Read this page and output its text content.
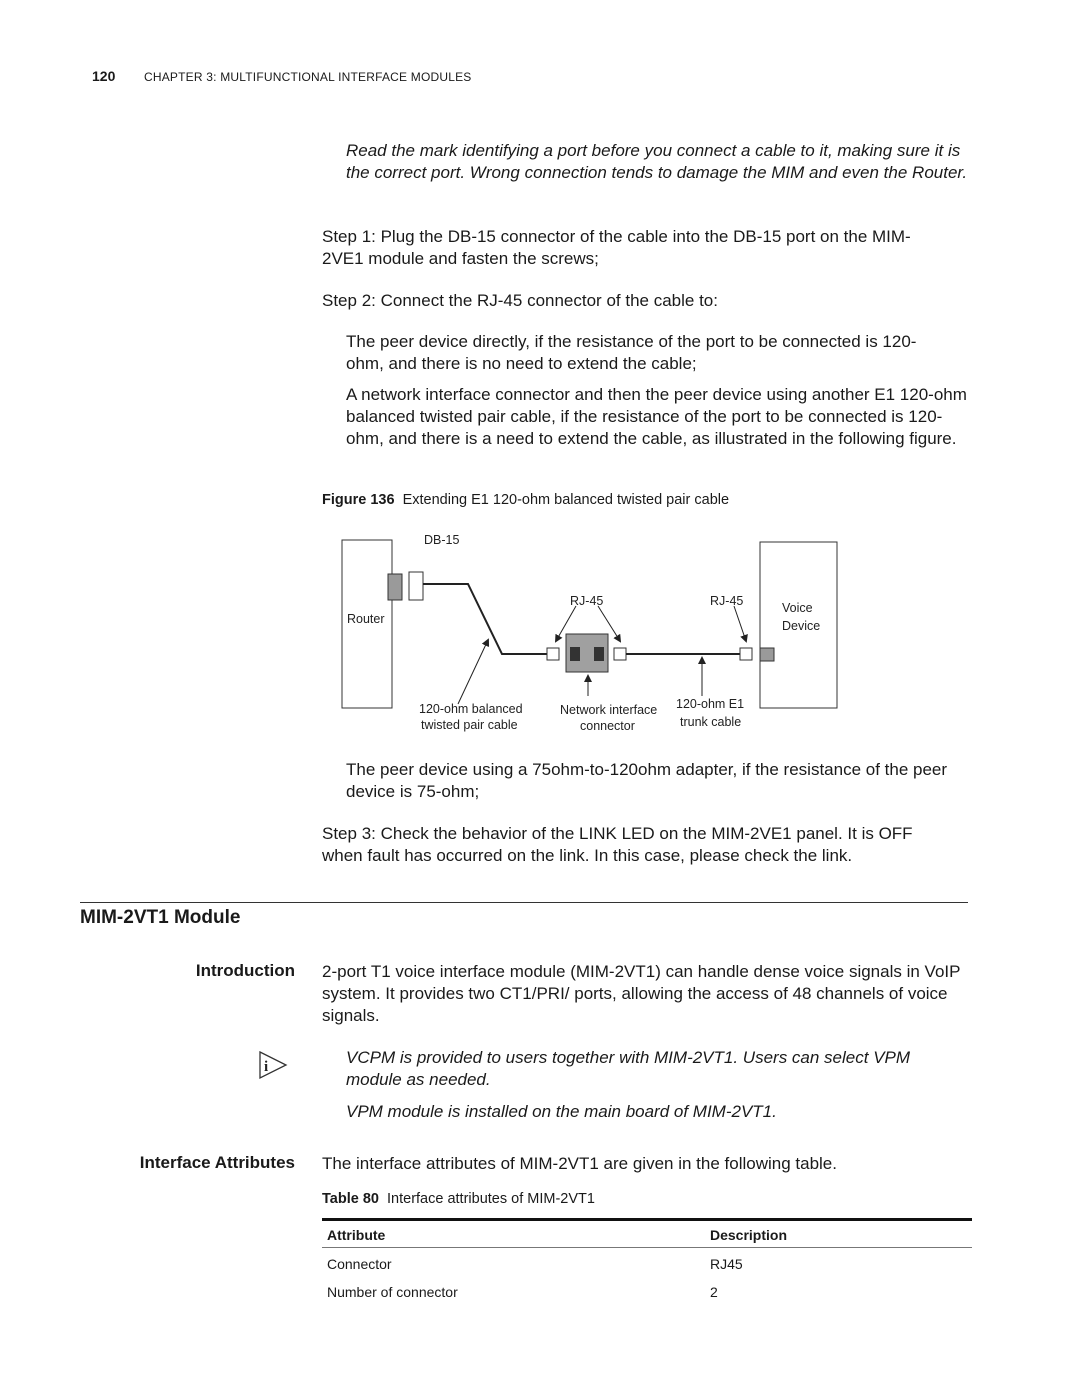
120 CHAPTER 3: MULTIFUNCTIONAL INTERFACE MODULES
Read the mark identifying a port before you connect a cable to it, making sure it is the correct port. Wrong connection tends to damage the MIM and even the Router.
Step 1: Plug the DB-15 connector of the cable into the DB-15 port on the MIM-2VE1 module and fasten the screws;
Step 2: Connect the RJ-45 connector of the cable to:
The peer device directly, if the resistance of the port to be connected is 120-ohm, and there is no need to extend the cable;
A network interface connector and then the peer device using another E1 120-ohm balanced twisted pair cable, if the resistance of the port to be connected is 120-ohm, and there is a need to extend the cable, as illustrated in the following figure.
Figure 136 Extending E1 120-ohm balanced twisted pair cable
DB-15
Router
RJ-45	RJ-45	Voice
Device
120-ohm balanced
twisted pair cable
Network interface
connector
120-ohm E1
trunk cable
The peer device using a 75ohm-to-120ohm adapter, if the resistance of the peer device is 75-ohm;
Step 3: Check the behavior of the LINK LED on the MIM-2VE1 panel. It is OFF when fault has occurred on the link. In this case, please check the link.
MIM-2VT1 Module
Introduction 2-port T1 voice interface module (MIM-2VT1) can handle dense voice signals in VoIP system. It provides two CT1/PRI/ ports, allowing the access of 48 channels of voice signals.
i	VCPM is provided to users together with MIM-2VT1. Users can select VPM module as needed.
VPM module is installed on the main board of MIM-2VT1.
Interface Attributes The interface attributes of MIM-2VT1 are given in the following table.
Table 80 Interface attributes of MIM-2VT1
Attribute	Description
Connector	RJ45
Number of connector	2
